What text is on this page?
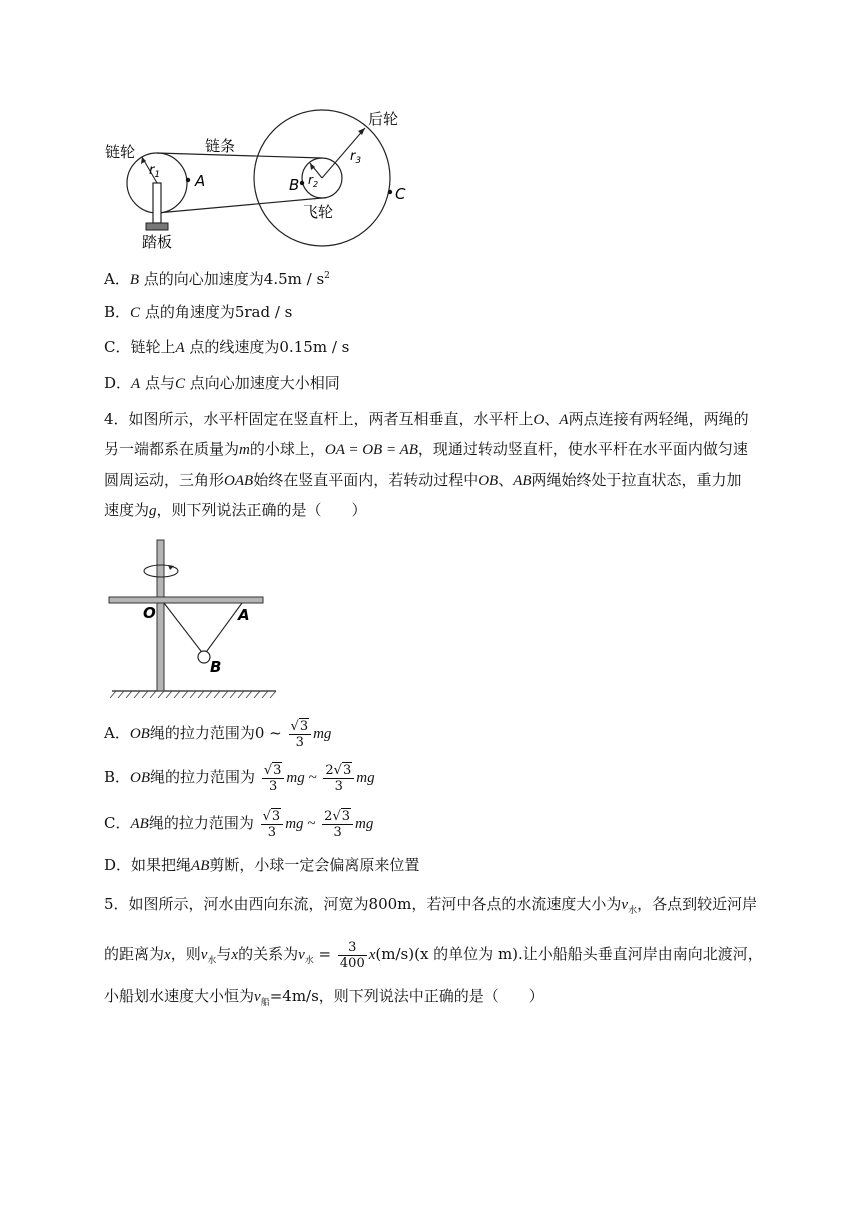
链轮	链条
后轮
飞轮
踏板
$r_1$	$r_2$
$r_3$
A	B	C
A．B 点的向心加速度为$4.5m / s^2$
B．C 点的角速度为5rad / s
C．链轮上A 点的线速度为0.15m / s
D．A 点与C 点向心加速度大小相同
4．如图所示，水平杆固定在竖直杆上，两者互相垂直，水平杆上O、A两点连接有两轻绳，两绳的
另一端都系在质量为m的小球上，OA = OB = AB，现通过转动竖直杆，使水平杆在水平面内做匀速
圆周运动，三角形OAB始终在竖直平面内，若转动过程中OB、AB两绳始终处于拉直状态，重力加
速度为g，则下列说法正确的是（　　）
O	A
B
A．OB绳的拉力范围为0 ~ $\frac{√3}{3}$ mg
B．OB绳的拉力范围为 $\frac{√3}{3}$ mg ~ $\frac{2√3}{3}$ mg
C．AB绳的拉力范围为 $\frac{√3}{3}$ mg ~ $\frac{2√3}{3}$ mg
D．如果把绳AB剪断，小球一定会偏离原来位置
5．如图所示，河水由西向东流，河宽为800m，若河中各点的水流速度大小为$v_水$，各点到较近河岸
的距离为x，则$v_水$与x的关系为$v_水 = \frac{3}{400} x(m/s)(x$ 的单位为 m).让小船船头垂直河岸由南向北渡河，
小船划水速度大小恒为$v_船=4m/s$，则下列说法中正确的是（　　）
